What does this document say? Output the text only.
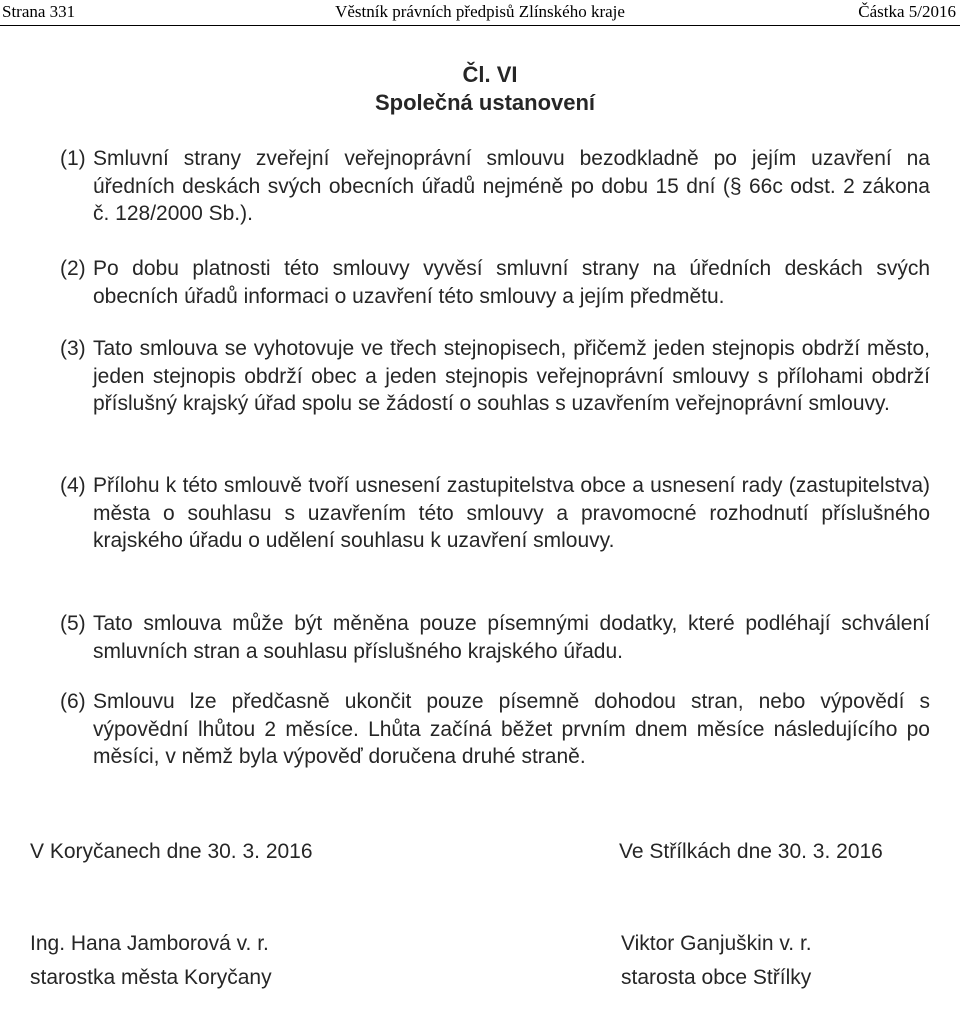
Strana 331	Věstník právních předpisů Zlínského kraje	Částka 5/2016
Čl. VI
Společná ustanovení
(1) Smluvní strany zveřejní veřejnoprávní smlouvu bezodkladně po jejím uzavření na úředních deskách svých obecních úřadů nejméně po dobu 15 dní (§ 66c odst. 2 zákona č. 128/2000 Sb.).
(2) Po dobu platnosti této smlouvy vyvěsí smluvní strany na úředních deskách svých obecních úřadů informaci o uzavření této smlouvy a jejím předmětu.
(3) Tato smlouva se vyhotovuje ve třech stejnopisech, přičemž jeden stejnopis obdrží město, jeden stejnopis obdrží obec a jeden stejnopis veřejnoprávní smlouvy s přílohami obdrží příslušný krajský úřad spolu se žádostí o souhlas s uzavřením veřejnoprávní smlouvy.
(4) Přílohu k této smlouvě tvoří usnesení zastupitelstva obce a usnesení rady (zastupitelstva) města o souhlasu s uzavřením této smlouvy a pravomocné rozhodnutí příslušného krajského úřadu o udělení souhlasu k uzavření smlouvy.
(5) Tato smlouva může být měněna pouze písemnými dodatky, které podléhají schválení smluvních stran a souhlasu příslušného krajského úřadu.
(6) Smlouvu lze předčasně ukončit pouze písemně dohodou stran, nebo výpovědí s výpovědní lhůtou 2 měsíce. Lhůta začíná běžet prvním dnem měsíce následujícího po měsíci, v němž byla výpověď doručena druhé straně.
V Koryčanech dne 30. 3. 2016	Ve Střílkách dne 30. 3. 2016
Ing. Hana Jamborová v. r.
starostka města Koryčany
Viktor Ganjuškin v. r.
starosta obce Střílky
